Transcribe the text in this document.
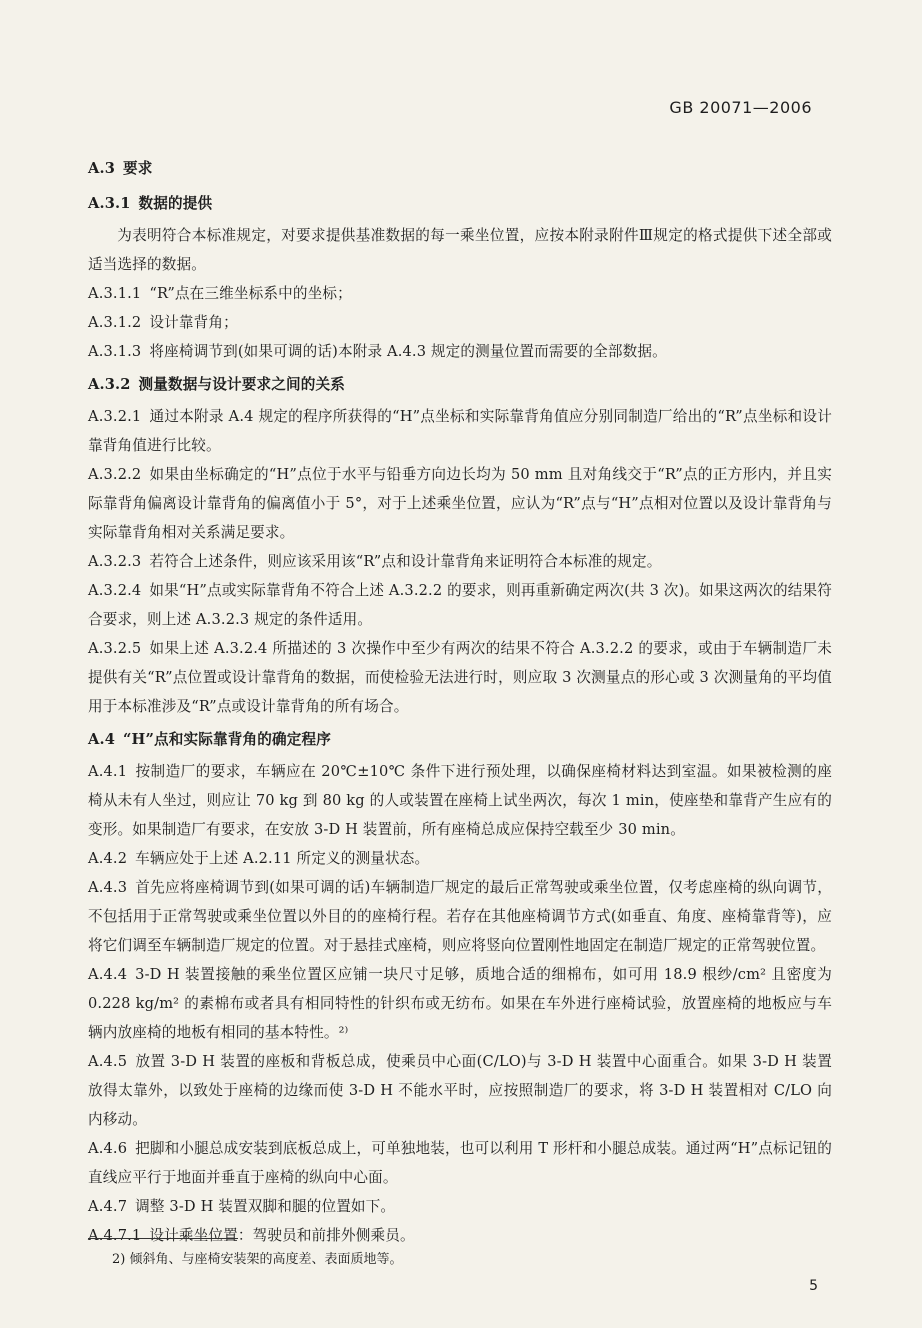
GB 20071—2006

A.3 要求

A.3.1 数据的提供

为表明符合本标准规定，对要求提供基准数据的每一乘坐位置，应按本附录附件Ⅲ规定的格式提供下述全部或适当选择的数据。

A.3.1.1 “R”点在三维坐标系中的坐标；

A.3.1.2 设计靠背角；

A.3.1.3 将座椅调节到(如果可调的话)本附录 A.4.3 规定的测量位置而需要的全部数据。

A.3.2 测量数据与设计要求之间的关系

A.3.2.1 通过本附录 A.4 规定的程序所获得的“H”点坐标和实际靠背角值应分别同制造厂给出的“R”点坐标和设计靠背角值进行比较。

A.3.2.2 如果由坐标确定的“H”点位于水平与铅垂方向边长均为 50 mm 且对角线交于“R”点的正方形内，并且实际靠背角偏离设计靠背角的偏离值小于 5°，对于上述乘坐位置，应认为“R”点与“H”点相对位置以及设计靠背角与实际靠背角相对关系满足要求。

A.3.2.3 若符合上述条件，则应该采用该“R”点和设计靠背角来证明符合本标准的规定。

A.3.2.4 如果“H”点或实际靠背角不符合上述 A.3.2.2 的要求，则再重新确定两次(共 3 次)。如果这两次的结果符合要求，则上述 A.3.2.3 规定的条件适用。

A.3.2.5 如果上述 A.3.2.4 所描述的 3 次操作中至少有两次的结果不符合 A.3.2.2 的要求，或由于车辆制造厂未提供有关“R”点位置或设计靠背角的数据，而使检验无法进行时，则应取 3 次测量点的形心或 3 次测量角的平均值用于本标准涉及“R”点或设计靠背角的所有场合。

A.4 “H”点和实际靠背角的确定程序

A.4.1 按制造厂的要求，车辆应在 20℃±10℃ 条件下进行预处理，以确保座椅材料达到室温。如果被检测的座椅从未有人坐过，则应让 70 kg 到 80 kg 的人或装置在座椅上试坐两次，每次 1 min，使座垫和靠背产生应有的变形。如果制造厂有要求，在安放 3-D H 装置前，所有座椅总成应保持空载至少 30 min。

A.4.2 车辆应处于上述 A.2.11 所定义的测量状态。

A.4.3 首先应将座椅调节到(如果可调的话)车辆制造厂规定的最后正常驾驶或乘坐位置，仅考虑座椅的纵向调节，不包括用于正常驾驶或乘坐位置以外目的的座椅行程。若存在其他座椅调节方式(如垂直、角度、座椅靠背等)，应将它们调至车辆制造厂规定的位置。对于悬挂式座椅，则应将竖向位置刚性地固定在制造厂规定的正常驾驶位置。

A.4.4 3-D H 装置接触的乘坐位置区应铺一块尺寸足够，质地合适的细棉布，如可用 18.9 根纱/cm² 且密度为 0.228 kg/m² 的素棉布或者具有相同特性的针织布或无纺布。如果在车外进行座椅试验，放置座椅的地板应与车辆内放座椅的地板有相同的基本特性。²⁾

A.4.5 放置 3-D H 装置的座板和背板总成，使乘员中心面(C/LO)与 3-D H 装置中心面重合。如果 3-D H 装置放得太靠外，以致处于座椅的边缘而使 3-D H 不能水平时，应按照制造厂的要求，将 3-D H 装置相对 C/LO 向内移动。

A.4.6 把脚和小腿总成安装到底板总成上，可单独地装，也可以利用 T 形杆和小腿总成装。通过两“H”点标记钮的直线应平行于地面并垂直于座椅的纵向中心面。

A.4.7 调整 3-D H 装置双脚和腿的位置如下。

A.4.7.1 设计乘坐位置：驾驶员和前排外侧乘员。

2) 倾斜角、与座椅安装架的高度差、表面质地等。
5
